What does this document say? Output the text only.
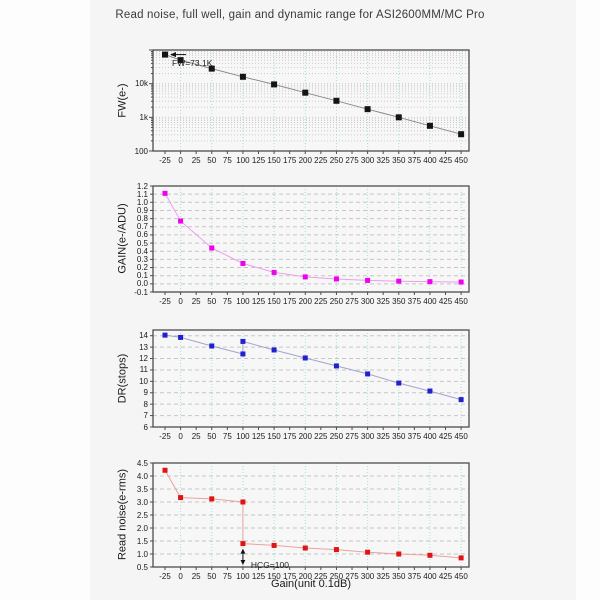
Read noise, full well, gain and dynamic range for ASI2600MM/MC Pro
FW(e-)
GAIN(e-/ADU)
DR(stops)
Read noise(e-rms)
Gain(unit 0.1dB)
-25 0	25 50 75 100 125 150 175 200 225 250 275 300 325 350 375 400 425 450
10k
1k
100
FW=73.1K
-25 0	25 50 75 100 125 150 175 200 225 250 275 300 325 350 375 400 425 450
1.2
1.1
1.0
0.9
0.8
0.7
0.6
0.5
0.4
0.3
0.2
0.1
0.0
-0.1
-25 0	25 50 75 100 125 150 175 200 225 250 275 300 325 350 375 400 425 450
14
13
12
11
10
9
8
7
6
-25 0	25 50 75 100 125 150 175 200 225 250 275 300 325 350 375 400 425 450
4.5
4.0
3.5
3.0
2.5
2.0
1.5
1.0
0.5	HCG=100
